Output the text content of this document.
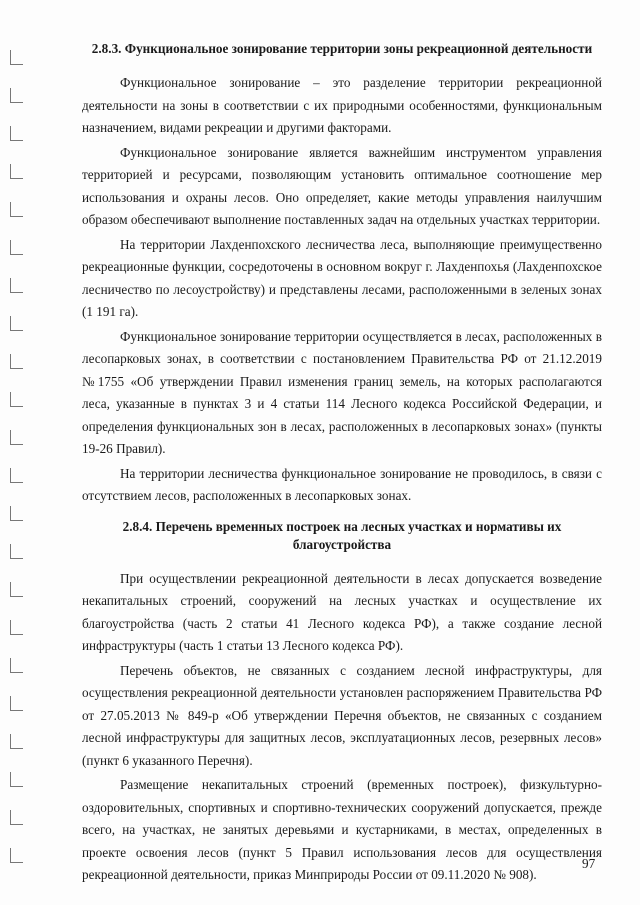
2.8.3. Функциональное зонирование территории зоны рекреационной деятельности

Функциональное зонирование – это разделение территории рекреационной деятельности на зоны в соответствии с их природными особенностями, функциональным назначением, видами рекреации и другими факторами.

Функциональное зонирование является важнейшим инструментом управления территорией и ресурсами, позволяющим установить оптимальное соотношение мер использования и охраны лесов. Оно определяет, какие методы управления наилучшим образом обеспечивают выполнение поставленных задач на отдельных участках территории.

На территории Лахденпохского лесничества леса, выполняющие преимущественно рекреационные функции, сосредоточены в основном вокруг г. Лахденпохья (Лахденпохское лесничество по лесоустройству) и представлены лесами, расположенными в зеленых зонах (1 191 га).

Функциональное зонирование территории осуществляется в лесах, расположенных в лесопарковых зонах, в соответствии с постановлением Правительства РФ от 21.12.2019 №1755 «Об утверждении Правил изменения границ земель, на которых располагаются леса, указанные в пунктах 3 и 4 статьи 114 Лесного кодекса Российской Федерации, и определения функциональных зон в лесах, расположенных в лесопарковых зонах» (пункты 19-26 Правил).

На территории лесничества функциональное зонирование не проводилось, в связи с отсутствием лесов, расположенных в лесопарковых зонах.

2.8.4. Перечень временных построек на лесных участках и нормативы их благоустройства

При осуществлении рекреационной деятельности в лесах допускается возведение некапитальных строений, сооружений на лесных участках и осуществление их благоустройства (часть 2 статьи 41 Лесного кодекса РФ), а также создание лесной инфраструктуры (часть 1 статьи 13 Лесного кодекса РФ).

Перечень объектов, не связанных с созданием лесной инфраструктуры, для осуществления рекреационной деятельности установлен распоряжением Правительства РФ от 27.05.2013 № 849-р «Об утверждении Перечня объектов, не связанных с созданием лесной инфраструктуры для защитных лесов, эксплуатационных лесов, резервных лесов» (пункт 6 указанного Перечня).

Размещение некапитальных строений (временных построек), физкультурно-оздоровительных, спортивных и спортивно-технических сооружений допускается, прежде всего, на участках, не занятых деревьями и кустарниками, в местах, определенных в проекте освоения лесов (пункт 5 Правил использования лесов для осуществления рекреационной деятельности, приказ Минприроды России от 09.11.2020 № 908).

97
